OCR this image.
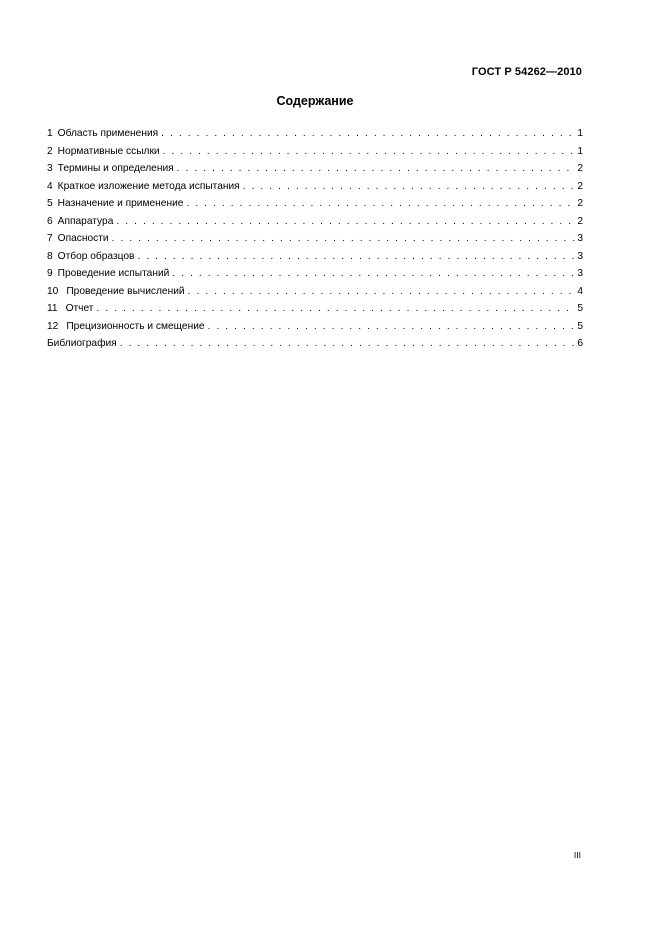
ГОСТ Р 54262—2010
Содержание
1 Область применения . . .	1
2 Нормативные ссылки . . .	1
3 Термины и определения . . .	2
4 Краткое изложение метода испытания . . .	2
5 Назначение и применение . . .	2
6 Аппаратура . . .	2
7 Опасности . . .	3
8 Отбор образцов . . .	3
9 Проведение испытаний . . .	3
10 Проведение вычислений . . .	4
11 Отчет . . .	5
12 Прецизионность и смещение . . .	5
Библиография . . .	6
III
